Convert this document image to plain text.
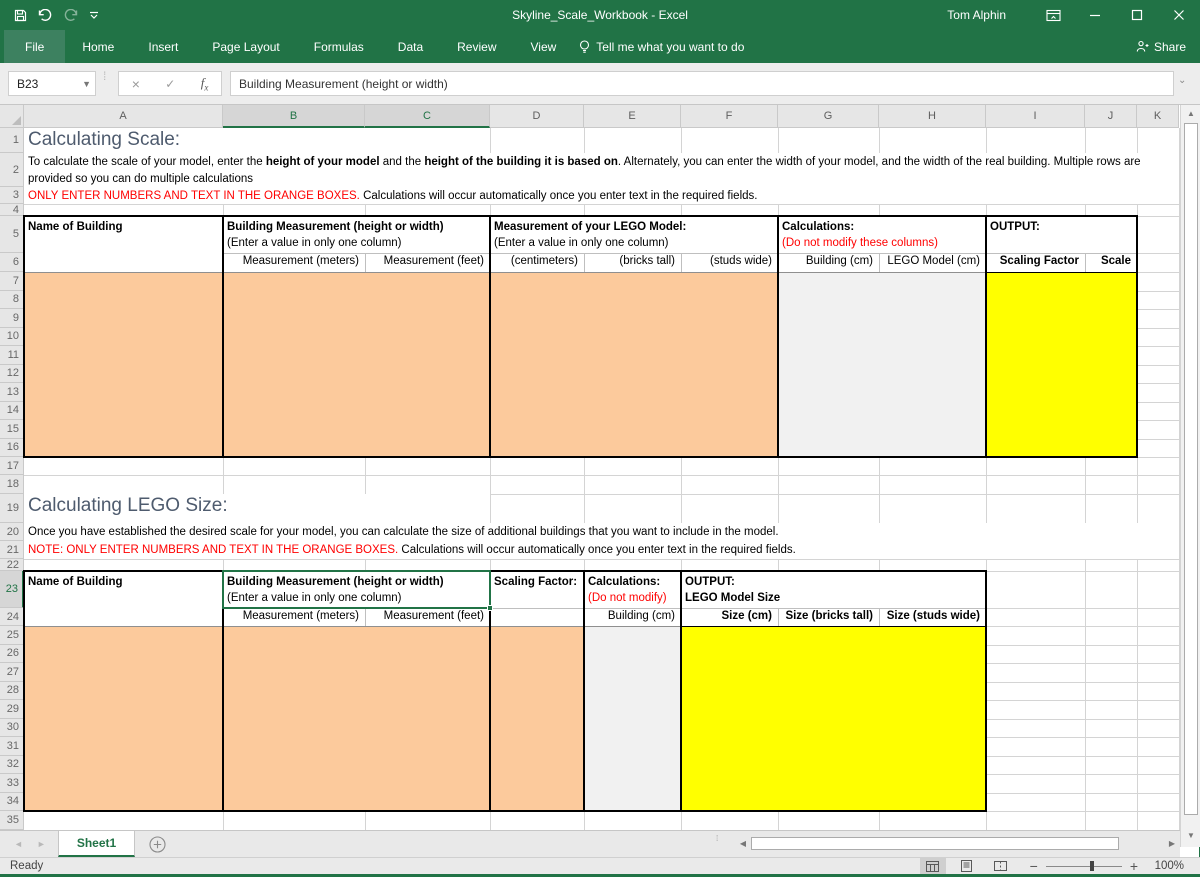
Skyline_Scale_Workbook - Excel	Tom Alphin
File	Home	Insert	Page Layout	Formulas	Data	Review	View	Tell me what you want to do	Share
B23	▼
⁞ × ✓ $f_x$	Building Measurement (height or width)	⌄
A	B	C	D	E	F	G	H	I	J	K
1
2
3
4
5
6
7
8
9
10
11
12
13
14
15
16
17
18
19
20
21
22
23
24
25
26
27
28
29
30
31
32
33
34
35
Calculating Scale:
To calculate the scale of your model, enter the height of your model and the height of the building it is based on. Alternately, you can enter the width of your model, and the width of the real building. Multiple rows are provided so you can do multiple calculations
ONLY ENTER NUMBERS AND TEXT IN THE ORANGE BOXES. Calculations will occur automatically once you enter text in the required fields.
Calculating LEGO Size:
Once you have established the desired scale for your model, you can calculate the size of additional buildings that you want to include in the model.
NOTE: ONLY ENTER NUMBERS AND TEXT IN THE ORANGE BOXES. Calculations will occur automatically once you enter text in the required fields.
Name of Building	Building Measurement (height or width)
(Enter a value in only one column)
Measurement of your LEGO Model:
(Enter a value in only one column)
Calculations:
(Do not modify these columns)
OUTPUT:
Measurement (meters)	Measurement (feet)	(centimeters)	(bricks tall)	(studs wide)	Building (cm)	LEGO Model (cm)	Scaling Factor	Scale
Name of Building	Building Measurement (height or width)
(Enter a value in only one column)
Scaling Factor: Calculations:
(Do not modify)
OUTPUT:
LEGO Model Size
Measurement (meters)	Measurement (feet)	Building (cm)	Size (cm)	Size (bricks tall)	Size (studs wide)
▲
▼
◄ ►	Sheet1	⁞
◀	▶
Ready	−	+	100%
